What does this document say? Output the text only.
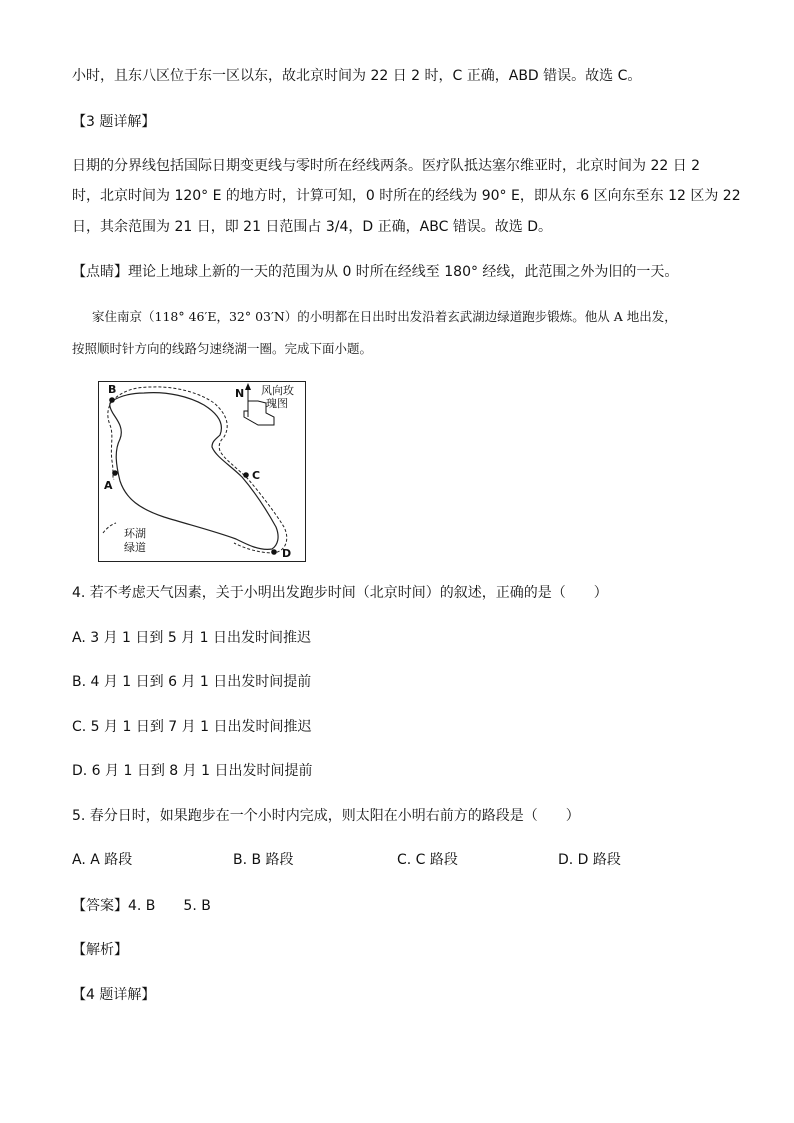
小时，且东八区位于东一区以东，故北京时间为 22 日 2 时，C 正确，ABD 错误。故选 C。
【3 题详解】
日期的分界线包括国际日期变更线与零时所在经线两条。医疗队抵达塞尔维亚时，北京时间为 22 日 2
时，北京时间为 120° E 的地方时，计算可知，0 时所在的经线为 90° E，即从东 6 区向东至东 12 区为 22
日，其余范围为 21 日，即 21 日范围占 3/4，D 正确，ABC 错误。故选 D。
【点睛】理论上地球上新的一天的范围为从 0 时所在经线至 180° 经线，此范围之外为旧的一天。
家住南京（118° 46′E，32° 03′N）的小明都在日出时出发沿着玄武湖边绿道跑步锻炼。他从 A 地出发，
按照顺时针方向的线路匀速绕湖一圈。完成下面小题。
B
A
C
D
N 风向玫
瑰图
环湖
绿道
4. 若不考虑天气因素，关于小明出发跑步时间（北京时间）的叙述，正确的是（　　）
A. 3 月 1 日到 5 月 1 日出发时间推迟
B. 4 月 1 日到 6 月 1 日出发时间提前
C. 5 月 1 日到 7 月 1 日出发时间推迟
D. 6 月 1 日到 8 月 1 日出发时间提前
5. 春分日时，如果跑步在一个小时内完成，则太阳在小明右前方的路段是（　　）
A. A 路段	B. B 路段	C. C 路段	D. D 路段
【答案】4. B　　5. B
【解析】
【4 题详解】
